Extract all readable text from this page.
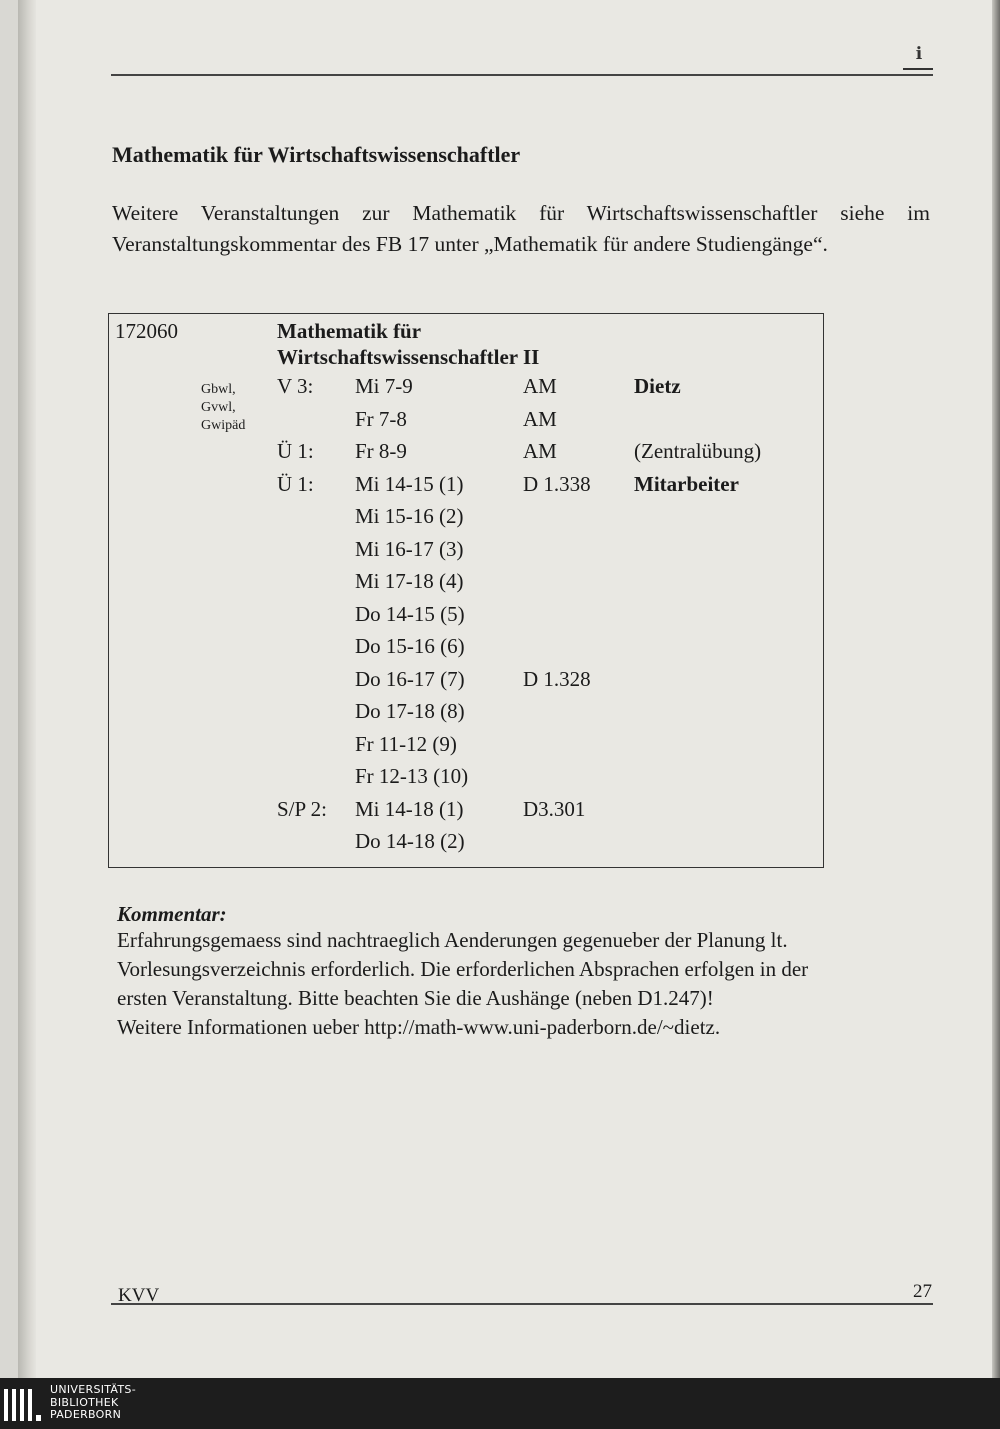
ℹ
Mathematik für Wirtschaftswissenschaftler
Weitere Veranstaltungen zur Mathematik für Wirtschaftswissenschaftler siehe im Veranstaltungskommentar des FB 17 unter „Mathematik für andere Studiengänge“.
172060	Mathematik für
Wirtschaftswissenschaftler II
Gbwl,
Gvwl,
Gwipäd
V 3: Mi 7-9	AM	Dietz
Fr 7-8	AM
Ü 1: Fr 8-9	AM	(Zentralübung)
Ü 1: Mi 14-15 (1)	D 1.338 Mitarbeiter
Mi 15-16 (2)
Mi 16-17 (3)
Mi 17-18 (4)
Do 14-15 (5)
Do 15-16 (6)
Do 16-17 (7)	D 1.328
Do 17-18 (8)
Fr 11-12 (9)
Fr 12-13 (10)
S/P 2: Mi 14-18 (1)	D3.301
Do 14-18 (2)
Kommentar:
Erfahrungsgemaess sind nachtraeglich Aenderungen gegenueber der Planung lt.
Vorlesungsverzeichnis erforderlich. Die erforderlichen Absprachen erfolgen in der
ersten Veranstaltung. Bitte beachten Sie die Aushänge (neben D1.247)!
Weitere Informationen ueber http://math-www.uni-paderborn.de/~dietz.
KVV	27
UNIVERSITÄTS-
BIBLIOTHEK
PADERBORN
